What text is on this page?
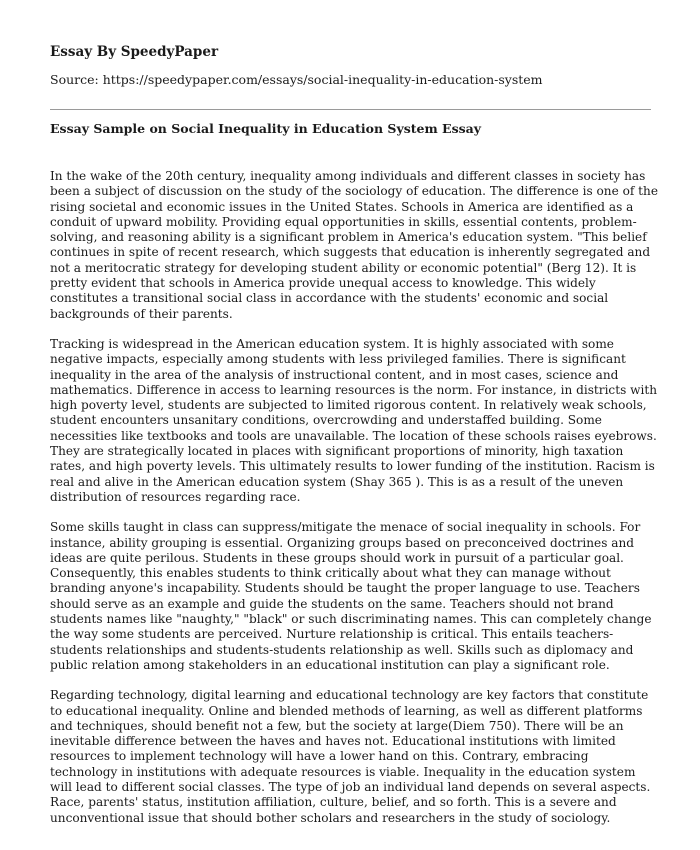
Essay By SpeedyPaper
Source: https://speedypaper.com/essays/social-inequality-in-education-system
Essay Sample on Social Inequality in Education System Essay

In the wake of the 20th century, inequality among individuals and different classes in society has been a subject of discussion on the study of the sociology of education. The difference is one of the rising societal and economic issues in the United States. Schools in America are identified as a conduit of upward mobility. Providing equal opportunities in skills, essential contents, problem-solving, and reasoning ability is a significant problem in America's education system. "This belief continues in spite of recent research, which suggests that education is inherently segregated and not a meritocratic strategy for developing student ability or economic potential" (Berg 12). It is pretty evident that schools in America provide unequal access to knowledge. This widely constitutes a transitional social class in accordance with the students' economic and social backgrounds of their parents.

Tracking is widespread in the American education system. It is highly associated with some negative impacts, especially among students with less privileged families. There is significant inequality in the area of the analysis of instructional content, and in most cases, science and mathematics. Difference in access to learning resources is the norm. For instance, in districts with high poverty level, students are subjected to limited rigorous content. In relatively weak schools, student encounters unsanitary conditions, overcrowding and understaffed building. Some necessities like textbooks and tools are unavailable. The location of these schools raises eyebrows. They are strategically located in places with significant proportions of minority, high taxation rates, and high poverty levels. This ultimately results to lower funding of the institution. Racism is real and alive in the American education system (Shay 365 ). This is as a result of the uneven distribution of resources regarding race.

Some skills taught in class can suppress/mitigate the menace of social inequality in schools. For instance, ability grouping is essential. Organizing groups based on preconceived doctrines and ideas are quite perilous. Students in these groups should work in pursuit of a particular goal. Consequently, this enables students to think critically about what they can manage without branding anyone's incapability. Students should be taught the proper language to use. Teachers should serve as an example and guide the students on the same. Teachers should not brand students names like "naughty," "black" or such discriminating names. This can completely change the way some students are perceived. Nurture relationship is critical. This entails teachers-students relationships and students-students relationship as well. Skills such as diplomacy and public relation among stakeholders in an educational institution can play a significant role.

Regarding technology, digital learning and educational technology are key factors that constitute to educational inequality. Online and blended methods of learning, as well as different platforms and techniques, should benefit not a few, but the society at large(Diem 750). There will be an inevitable difference between the haves and haves not. Educational institutions with limited resources to implement technology will have a lower hand on this. Contrary, embracing technology in institutions with adequate resources is viable. Inequality in the education system will lead to different social classes. The type of job an individual land depends on several aspects. Race, parents' status, institution affiliation, culture, belief, and so forth. This is a severe and unconventional issue that should bother scholars and researchers in the study of sociology.
